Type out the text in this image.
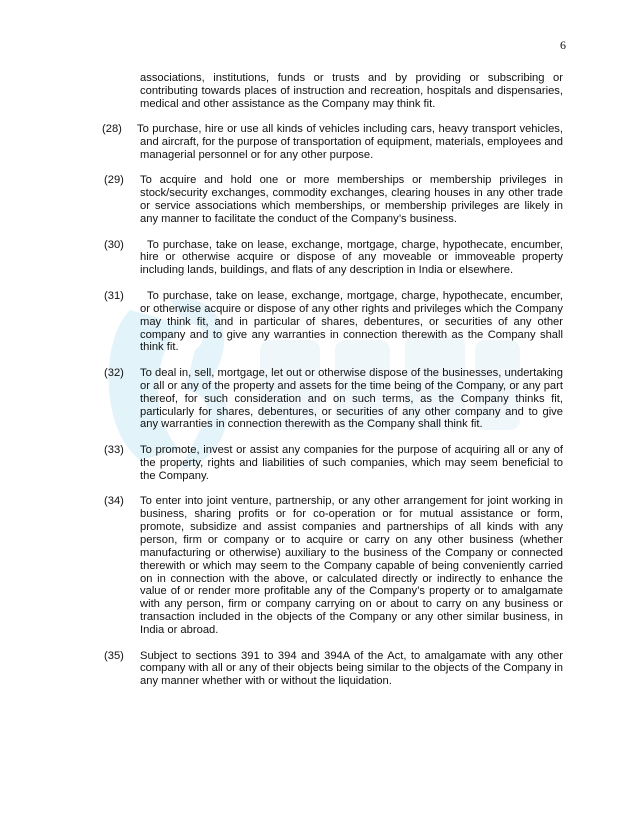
6
associations, institutions, funds or trusts and by providing or subscribing or contributing towards places of instruction and recreation, hospitals and dispensaries, medical and other assistance as the Company may think fit.
(28)	To purchase, hire or use all kinds of vehicles including cars, heavy transport vehicles, and aircraft, for the purpose of transportation of equipment, materials, employees and managerial personnel or for any other purpose.
(29)	To acquire and hold one or more memberships or membership privileges in stock/security exchanges, commodity exchanges, clearing houses in any other trade or service associations which memberships, or membership privileges are likely in any manner to facilitate the conduct of the Company’s business.
(30)	To purchase, take on lease, exchange, mortgage, charge, hypothecate, encumber, hire or otherwise acquire or dispose of any moveable or immoveable property including lands, buildings, and flats of any description in India or elsewhere.
(31)	To purchase, take on lease, exchange, mortgage, charge, hypothecate, encumber, or otherwise acquire or dispose of any other rights and privileges which the Company may think fit, and in particular of shares, debentures, or securities of any other company and to give any warranties in connection therewith as the Company shall think fit.
(32)	To deal in, sell, mortgage, let out or otherwise dispose of the businesses, undertaking or all or any of the property and assets for the time being of the Company, or any part thereof, for such consideration and on such terms, as the Company thinks fit, particularly for shares, debentures, or securities of any other company and to give any warranties in connection therewith as the Company shall think fit.
(33)	To promote, invest or assist any companies for the purpose of acquiring all or any of the property, rights and liabilities of such companies, which may seem beneficial to the Company.
(34)	To enter into joint venture, partnership, or any other arrangement for joint working in business, sharing profits or for co-operation or for mutual assistance or form, promote, subsidize and assist companies and partnerships of all kinds with any person, firm or company or to acquire or carry on any other business (whether manufacturing or otherwise) auxiliary to the business of the Company or connected therewith or which may seem to the Company capable of being conveniently carried on in connection with the above, or calculated directly or indirectly to enhance the value of or render more profitable any of the Company’s property or to amalgamate with any person, firm or company carrying on or about to carry on any business or transaction included in the objects of the Company or any other similar business, in India or abroad.
(35)	Subject to sections 391 to 394 and 394A of the Act, to amalgamate with any other company with all or any of their objects being similar to the objects of the Company in any manner whether with or without the liquidation.
